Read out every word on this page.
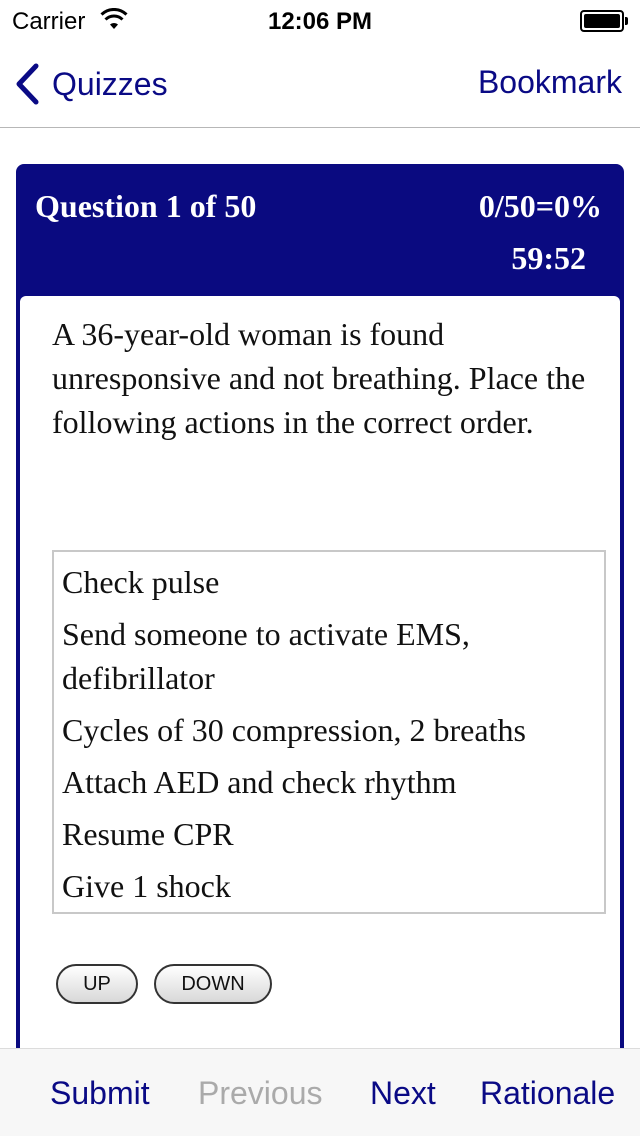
Carrier	12:06 PM
Quizzes	Bookmark
Question 1 of 50	0/50=0%
59:52
A 36-year-old woman is found unresponsive and not breathing. Place the following actions in the correct order.
Check pulse
Send someone to activate EMS, defibrillator
Cycles of 30 compression, 2 breaths
Attach AED and check rhythm
Resume CPR
Give 1 shock
UP	DOWN
Submit Previous Next Rationale
